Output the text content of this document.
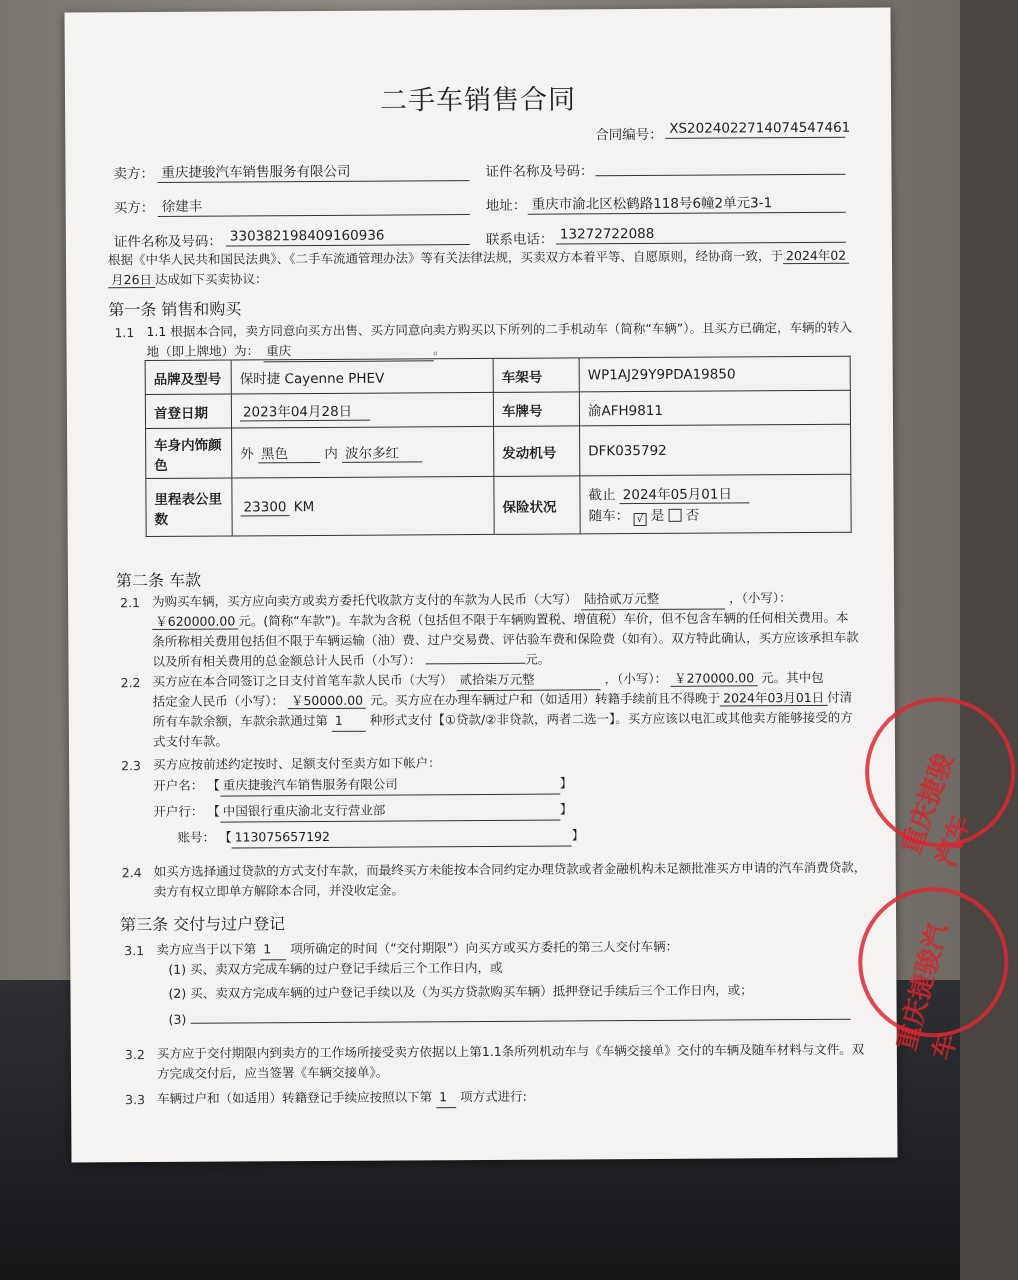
二手车销售合同
合同编号： XS20240227140745474​61
卖方： 重庆捷骏汽车销售服务有限公司	证件名称及号码：
买方： 徐建丰	地址： 重庆市渝北区松鹤路118号6幢2单元3-1
证件名称及号码： 330382198409160936	联系电话： 13272722088
根据《中华人民共和国民法典》、《二手车流通管理办法》等有关法律法规，买卖双方本着平等、自愿原则，经协商一致，于 2024年02
月26日 达成如下买卖协议：
第一条 销售和购买
1.1 1.1 根据本合同，卖方同意向买方出售、买方同意向卖方购买以下所列的二手机动车（简称“车辆”）。且买方已确定，车辆的转入
地（即上牌地）为： 重庆	。
品牌及型号	保时捷 Cayenne PHEV	车架号	WP1AJ29Y9PDA19850
首登日期	2023年04月28日	车牌号	渝AFH9811
车身内饰颜色	外 黑色 内 波尔多红	发动机号	DFK035792
里程表公里数	23300 KM	保险状况	截止 2024年05月01日
随车： √ 是 否
第二条 车款
2.1 为购买车辆，买方应向卖方或卖方委托代收款方支付的车款为人民币（大写） 陆拾贰万元整	，（小写）：
￥620000.00 元。(简称“车款”)。车款为含税（包括但不限于车辆购置税、增值税）车价，但不包含车辆的任何相关费用。本
条所称相关费用包括但不限于车辆运输（油）费、过户交易费、评估验车费和保险费（如有）。双方特此确认，买方应该承担车款
以及所有相关费用的总金额总计人民币（小写）：	元。
2.2 买方应在本合同签订之日支付首笔车款人民币（大写） 贰拾柒万元整	，（小写）： ￥270000.00 元。其中包
括定金人民币（小写）： ￥50000.00 元。买方应在办理车辆过户和（如适用）转籍手续前且不得晚于 2024年03月01日 付清
所有车款余额，车款余款通过第 1 种形式支付【①贷款/②非贷款，两者二选一】。买方应该以电汇或其他卖方能够接受的方
式支付车款。
2.3 买方应按前述约定按时、足额支付至卖方如下帐户：
开户名： 【 重庆捷骏汽车销售服务有限公司	】
开户行： 【 中国银行重庆渝北支行营业部	】
账号： 【 113075657192	】
2.4 如买方选择通过贷款的方式支付车款，而最终买方未能按本合同约定办理贷款或者金融机构未足额批准买方申请的汽车消费贷款，
卖方有权立即单方解除本合同，并没收定金。
第三条 交付与过户登记
3.1 卖方应当于以下第 1 项所确定的时间（“交付期限”）向买方或买方委托的第三人交付车辆：
(1) 买、卖双方完成车辆的过户登记手续后三个工作日内，或
(2) 买、卖双方完成车辆的过户登记手续以及（为买方贷款购买车辆）抵押登记手续后三个工作日内，或；
(3)
3.2 买方应于交付期限内到卖方的工作场所接受卖方依据以上第1.1条所列机动车与《车辆交接单》交付的车辆及随车材料与文件。双
方完成交付后，应当签署《车辆交接单》。
3.3 车辆过户和（如适用）转籍登记手续应按照以下第 1 项方式进行:
重庆捷骏汽车
重庆捷骏汽车
